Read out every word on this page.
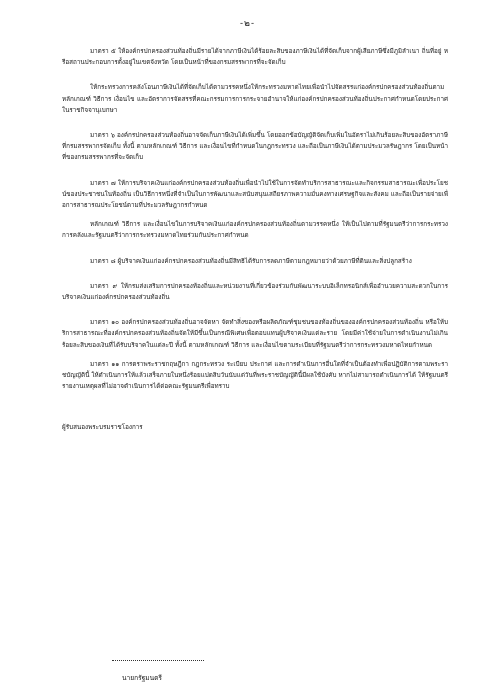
-๒-

มาตรา ๕ ให้องค์กรปกครองส่วนท้องถิ่นมีรายได้จากภาษีเงินได้ร้อยละสิบของภาษีเงินได้ที่จัดเก็บจากผู้เสียภาษีซึ่งมีภูมิลำเนา ถิ่นที่อยู่ หรือสถานประกอบการตั้งอยู่ในเขตจังหวัด โดยเป็นหน้าที่ของกรมสรรพากรที่จะจัดเก็บ

ให้กระทรวงการคลังโอนภาษีเงินได้ที่จัดเก็บได้ตามวรรคหนึ่งให้กระทรวงมหาดไทยเพื่อนำไปจัดสรรแก่องค์กรปกครองส่วนท้องถิ่นตามหลักเกณฑ์ วิธีการ เงื่อนไข และอัตราการจัดสรรที่คณะกรรมการการกระจายอำนาจให้แก่องค์กรปกครองส่วนท้องถิ่นประกาศกำหนดโดยประกาศในราชกิจจานุเบกษา

มาตรา ๖ องค์กรปกครองส่วนท้องถิ่นอาจจัดเก็บภาษีเงินได้เพิ่มขึ้น โดยออกข้อบัญญัติจัดเก็บเพิ่มในอัตราไม่เกินร้อยละสิบของอัตราภาษีที่กรมสรรพากรจัดเก็บ ทั้งนี้ ตามหลักเกณฑ์ วิธีการ และเงื่อนไขที่กำหนดในกฎกระทรวง และถือเป็นภาษีเงินได้ตามประมวลรัษฎากร โดยเป็นหน้าที่ของกรมสรรพากรที่จะจัดเก็บ

มาตรา ๗ ให้การบริจาคเงินแก่องค์กรปกครองส่วนท้องถิ่นเพื่อนำไปใช้ในการจัดทำบริการสาธารณะและกิจกรรมสาธารณะเพื่อประโยชน์ของประชาชนในท้องถิ่น เป็นวิธีการหนึ่งที่จำเป็นในการพัฒนาและสนับสนุนเสถียรภาพความมั่นคงทางเศรษฐกิจและสังคม และถือเป็นรายจ่ายเพื่อการสาธารณประโยชน์ตามที่ประมวลรัษฎากรกำหนด

หลักเกณฑ์ วิธีการ และเงื่อนไขในการบริจาคเงินแก่องค์กรปกครองส่วนท้องถิ่นตามวรรคหนึ่ง ให้เป็นไปตามที่รัฐมนตรีว่าการกระทรวงการคลังและรัฐมนตรีว่าการกระทรวงมหาดไทยร่วมกันประกาศกำหนด

มาตรา ๘ ผู้บริจาคเงินแก่องค์กรปกครองส่วนท้องถิ่นมีสิทธิได้รับการลดภาษีตามกฎหมายว่าด้วยภาษีที่ดินและสิ่งปลูกสร้าง

มาตรา ๙ ให้กรมส่งเสริมการปกครองท้องถิ่นและหน่วยงานที่เกี่ยวข้องร่วมกันพัฒนาระบบอิเล็กทรอนิกส์เพื่ออำนวยความสะดวกในการบริจาคเงินแก่องค์กรปกครองส่วนท้องถิ่น

มาตรา ๑๐ องค์กรปกครองส่วนท้องถิ่นอาจจัดหา จัดทำสิ่งของหรือผลิตภัณฑ์ชุมชนของท้องถิ่นขององค์กรปกครองส่วนท้องถิ่น หรือให้บริการสาธารณะที่องค์กรปกครองส่วนท้องถิ่นจัดให้มีขึ้นเป็นกรณีพิเศษเพื่อตอบแทนผู้บริจาคเงินแต่ละราย โดยมีค่าใช้จ่ายในการดำเนินงานไม่เกินร้อยละสิบของเงินที่ได้รับบริจาคในแต่ละปี ทั้งนี้ ตามหลักเกณฑ์ วิธีการ และเงื่อนไขตามระเบียบที่รัฐมนตรีว่าการกระทรวงมหาดไทยกำหนด

มาตรา ๑๑ การตราพระราชกฤษฎีกา กฎกระทรวง ระเบียบ ประกาศ และการดำเนินการอื่นใดที่จำเป็นต้องทำเพื่อปฏิบัติการตามพระราชบัญญัตินี้ ให้ดำเนินการให้แล้วเสร็จภายในหนึ่งร้อยแปดสิบวันนับแต่วันที่พระราชบัญญัตินี้มีผลใช้บังคับ หากไม่สามารถดำเนินการได้ ให้รัฐมนตรีรายงานเหตุผลที่ไม่อาจดำเนินการได้ต่อคณะรัฐมนตรีเพื่อทราบ

ผู้รับสนองพระบรมราชโองการ

นายกรัฐมนตรี
